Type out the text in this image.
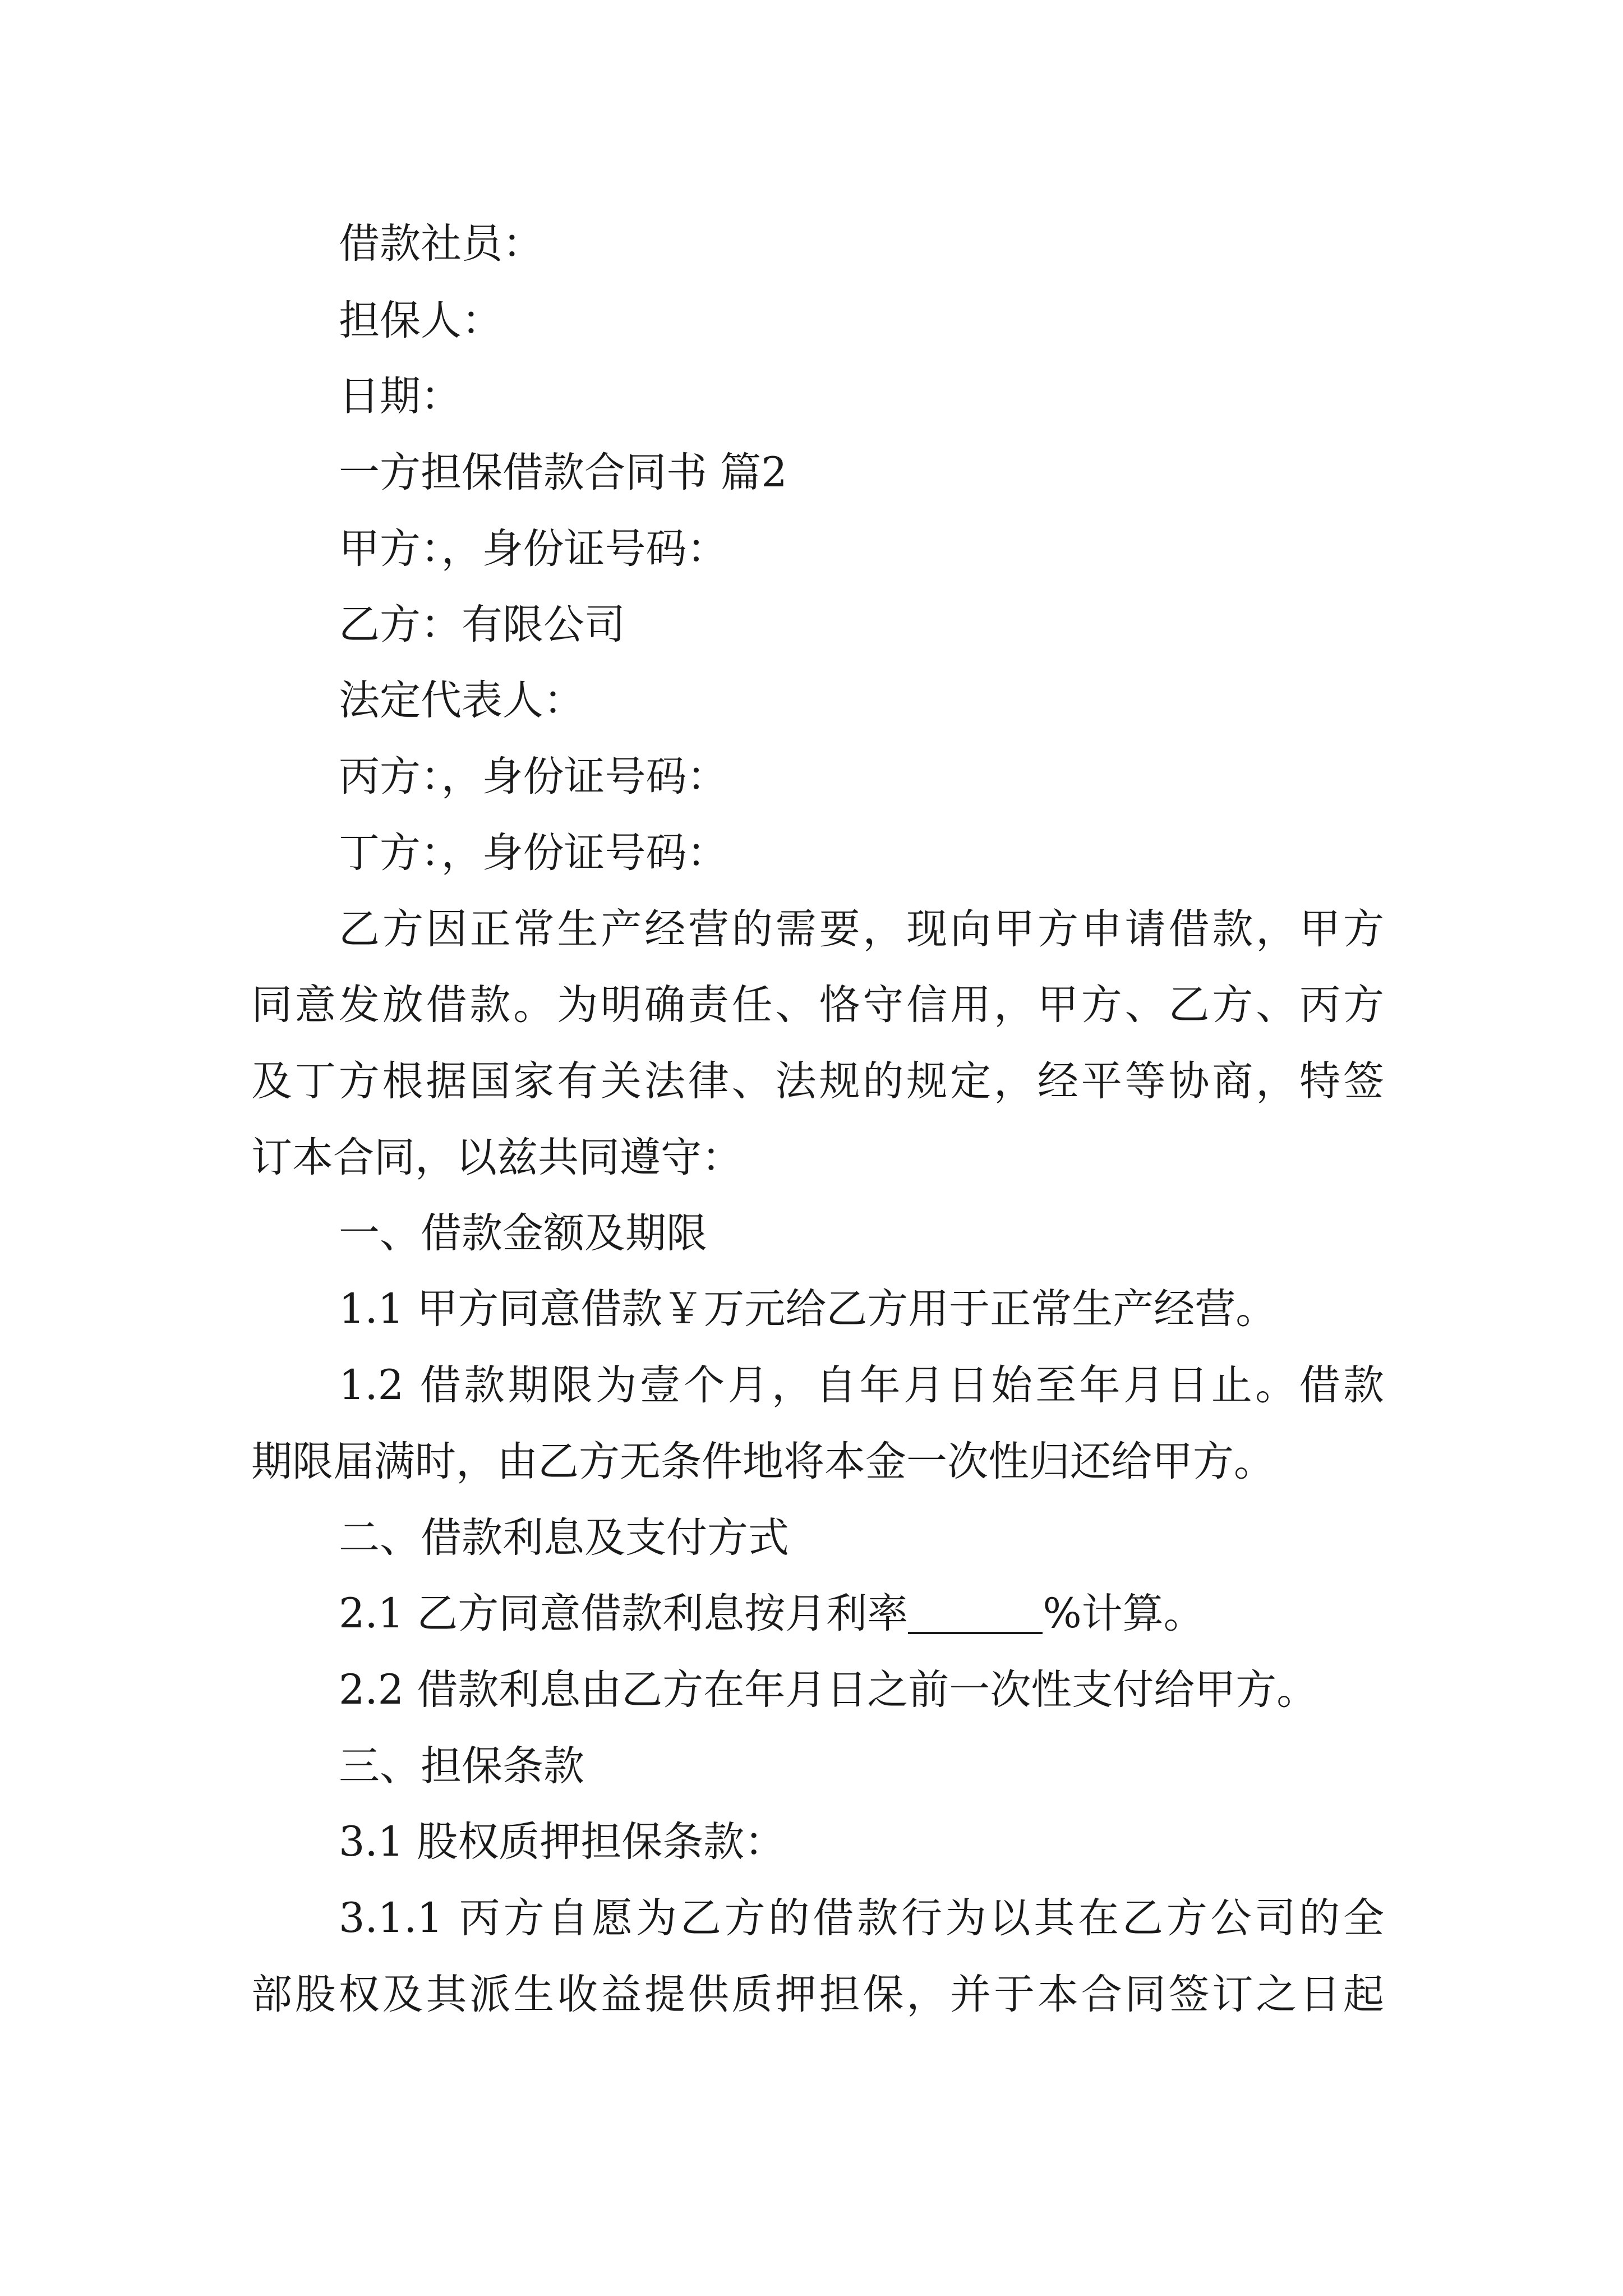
借款社员：
担保人：
日期：
一方担保借款合同书 篇2
甲方：，身份证号码：
乙方：有限公司
法定代表人：
丙方：，身份证号码：
丁方：，身份证号码：
乙方因正常生产经营的需要，现向甲方申请借款，甲方
同意发放借款。为明确责任、恪守信用，甲方、乙方、丙方
及丁方根据国家有关法律、法规的规定，经平等协商，特签
订本合同，以兹共同遵守：
一、借款金额及期限
1.1 甲方同意借款￥万元给乙方用于正常生产经营。
1.2 借款期限为壹个月，自年月日始至年月日止。借款
期限届满时，由乙方无条件地将本金一次性归还给甲方。
二、借款利息及支付方式
2.1 乙方同意借款利息按月利率	%计算。
2.2 借款利息由乙方在年月日之前一次性支付给甲方。
三、担保条款
3.1 股权质押担保条款：
3.1.1 丙方自愿为乙方的借款行为以其在乙方公司的全
部股权及其派生收益提供质押担保，并于本合同签订之日起
